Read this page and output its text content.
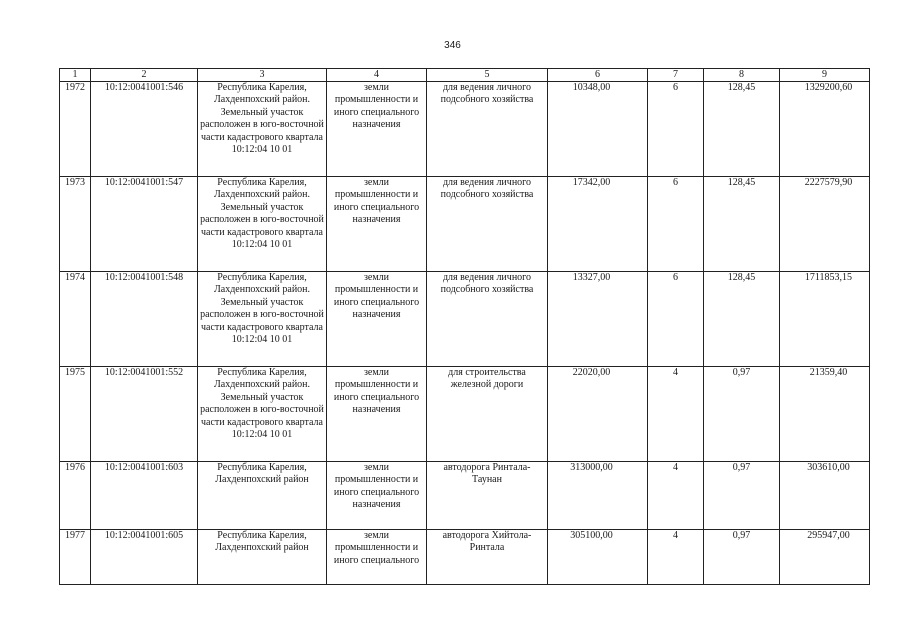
346
1	2	3	4	5	6	7	8	9
1972	10:12:0041001:546	Республика Карелия, Лахденпохский район. Земельный участок расположен в юго-восточной части кадастрового квартала 10:12:04 10 01	земли промышленности и иного специального назначения	для ведения личного подсобного хозяйства	10348,00	6	128,45	1329200,60
1973	10:12:0041001:547	Республика Карелия, Лахденпохский район. Земельный участок расположен в юго-восточной части кадастрового квартала 10:12:04 10 01	земли промышленности и иного специального назначения	для ведения личного подсобного хозяйства	17342,00	6	128,45	2227579,90
1974	10:12:0041001:548	Республика Карелия, Лахденпохский район. Земельный участок расположен в юго-восточной части кадастрового квартала 10:12:04 10 01	земли промышленности и иного специального назначения	для ведения личного подсобного хозяйства	13327,00	6	128,45	1711853,15
1975	10:12:0041001:552	Республика Карелия, Лахденпохский район. Земельный участок расположен в юго-восточной части кадастрового квартала 10:12:04 10 01	земли промышленности и иного специального назначения	для строительства железной дороги	22020,00	4	0,97	21359,40
1976	10:12:0041001:603	Республика Карелия, Лахденпохский район	земли промышленности и иного специального назначения	автодорога Ринтала-Таунан	313000,00	4	0,97	303610,00
1977	10:12:0041001:605	Республика Карелия, Лахденпохский район	земли промышленности и иного специального	автодорога Хийтола-Ринтала	305100,00	4	0,97	295947,00
